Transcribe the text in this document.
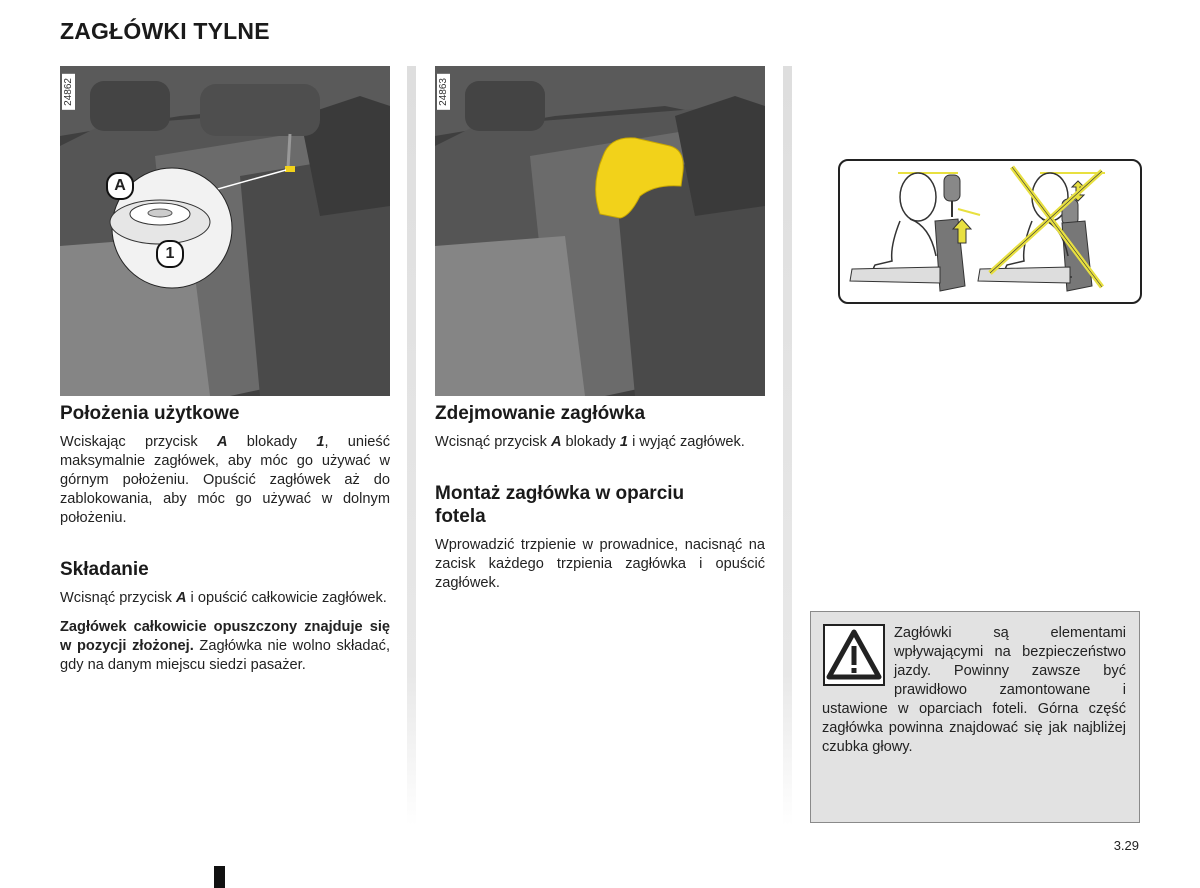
ZAGŁÓWKI TYLNE
24862
A
1
24863
Położenia użytkowe

Wciskając przycisk A blokady 1, unieść maksymalnie zagłówek, aby móc go używać w górnym położeniu. Opuścić zagłówek aż do zablokowania, aby móc go używać w dolnym położeniu.

Składanie

Wcisnąć przycisk A i opuścić całkowicie zagłówek.

Zagłówek całkowicie opuszczony znajduje się w pozycji złożonej. Zagłówka nie wolno składać, gdy na danym miejscu siedzi pasażer.

Zdejmowanie zagłówka

Wcisnąć przycisk A blokady 1 i wyjąć zagłówek.

Montaż zagłówka w oparciu fotela

Wprowadzić trzpienie w prowadnice, nacisnąć na zacisk każdego trzpienia zagłówka i opuścić zagłówek.

Zagłówki są elementami wpływającymi na bezpieczeństwo jazdy. Powinny zawsze być prawidłowo zamontowane i ustawione w oparciach foteli. Górna część zagłówka powinna znajdować się jak najbliżej czubka głowy.
3.29
